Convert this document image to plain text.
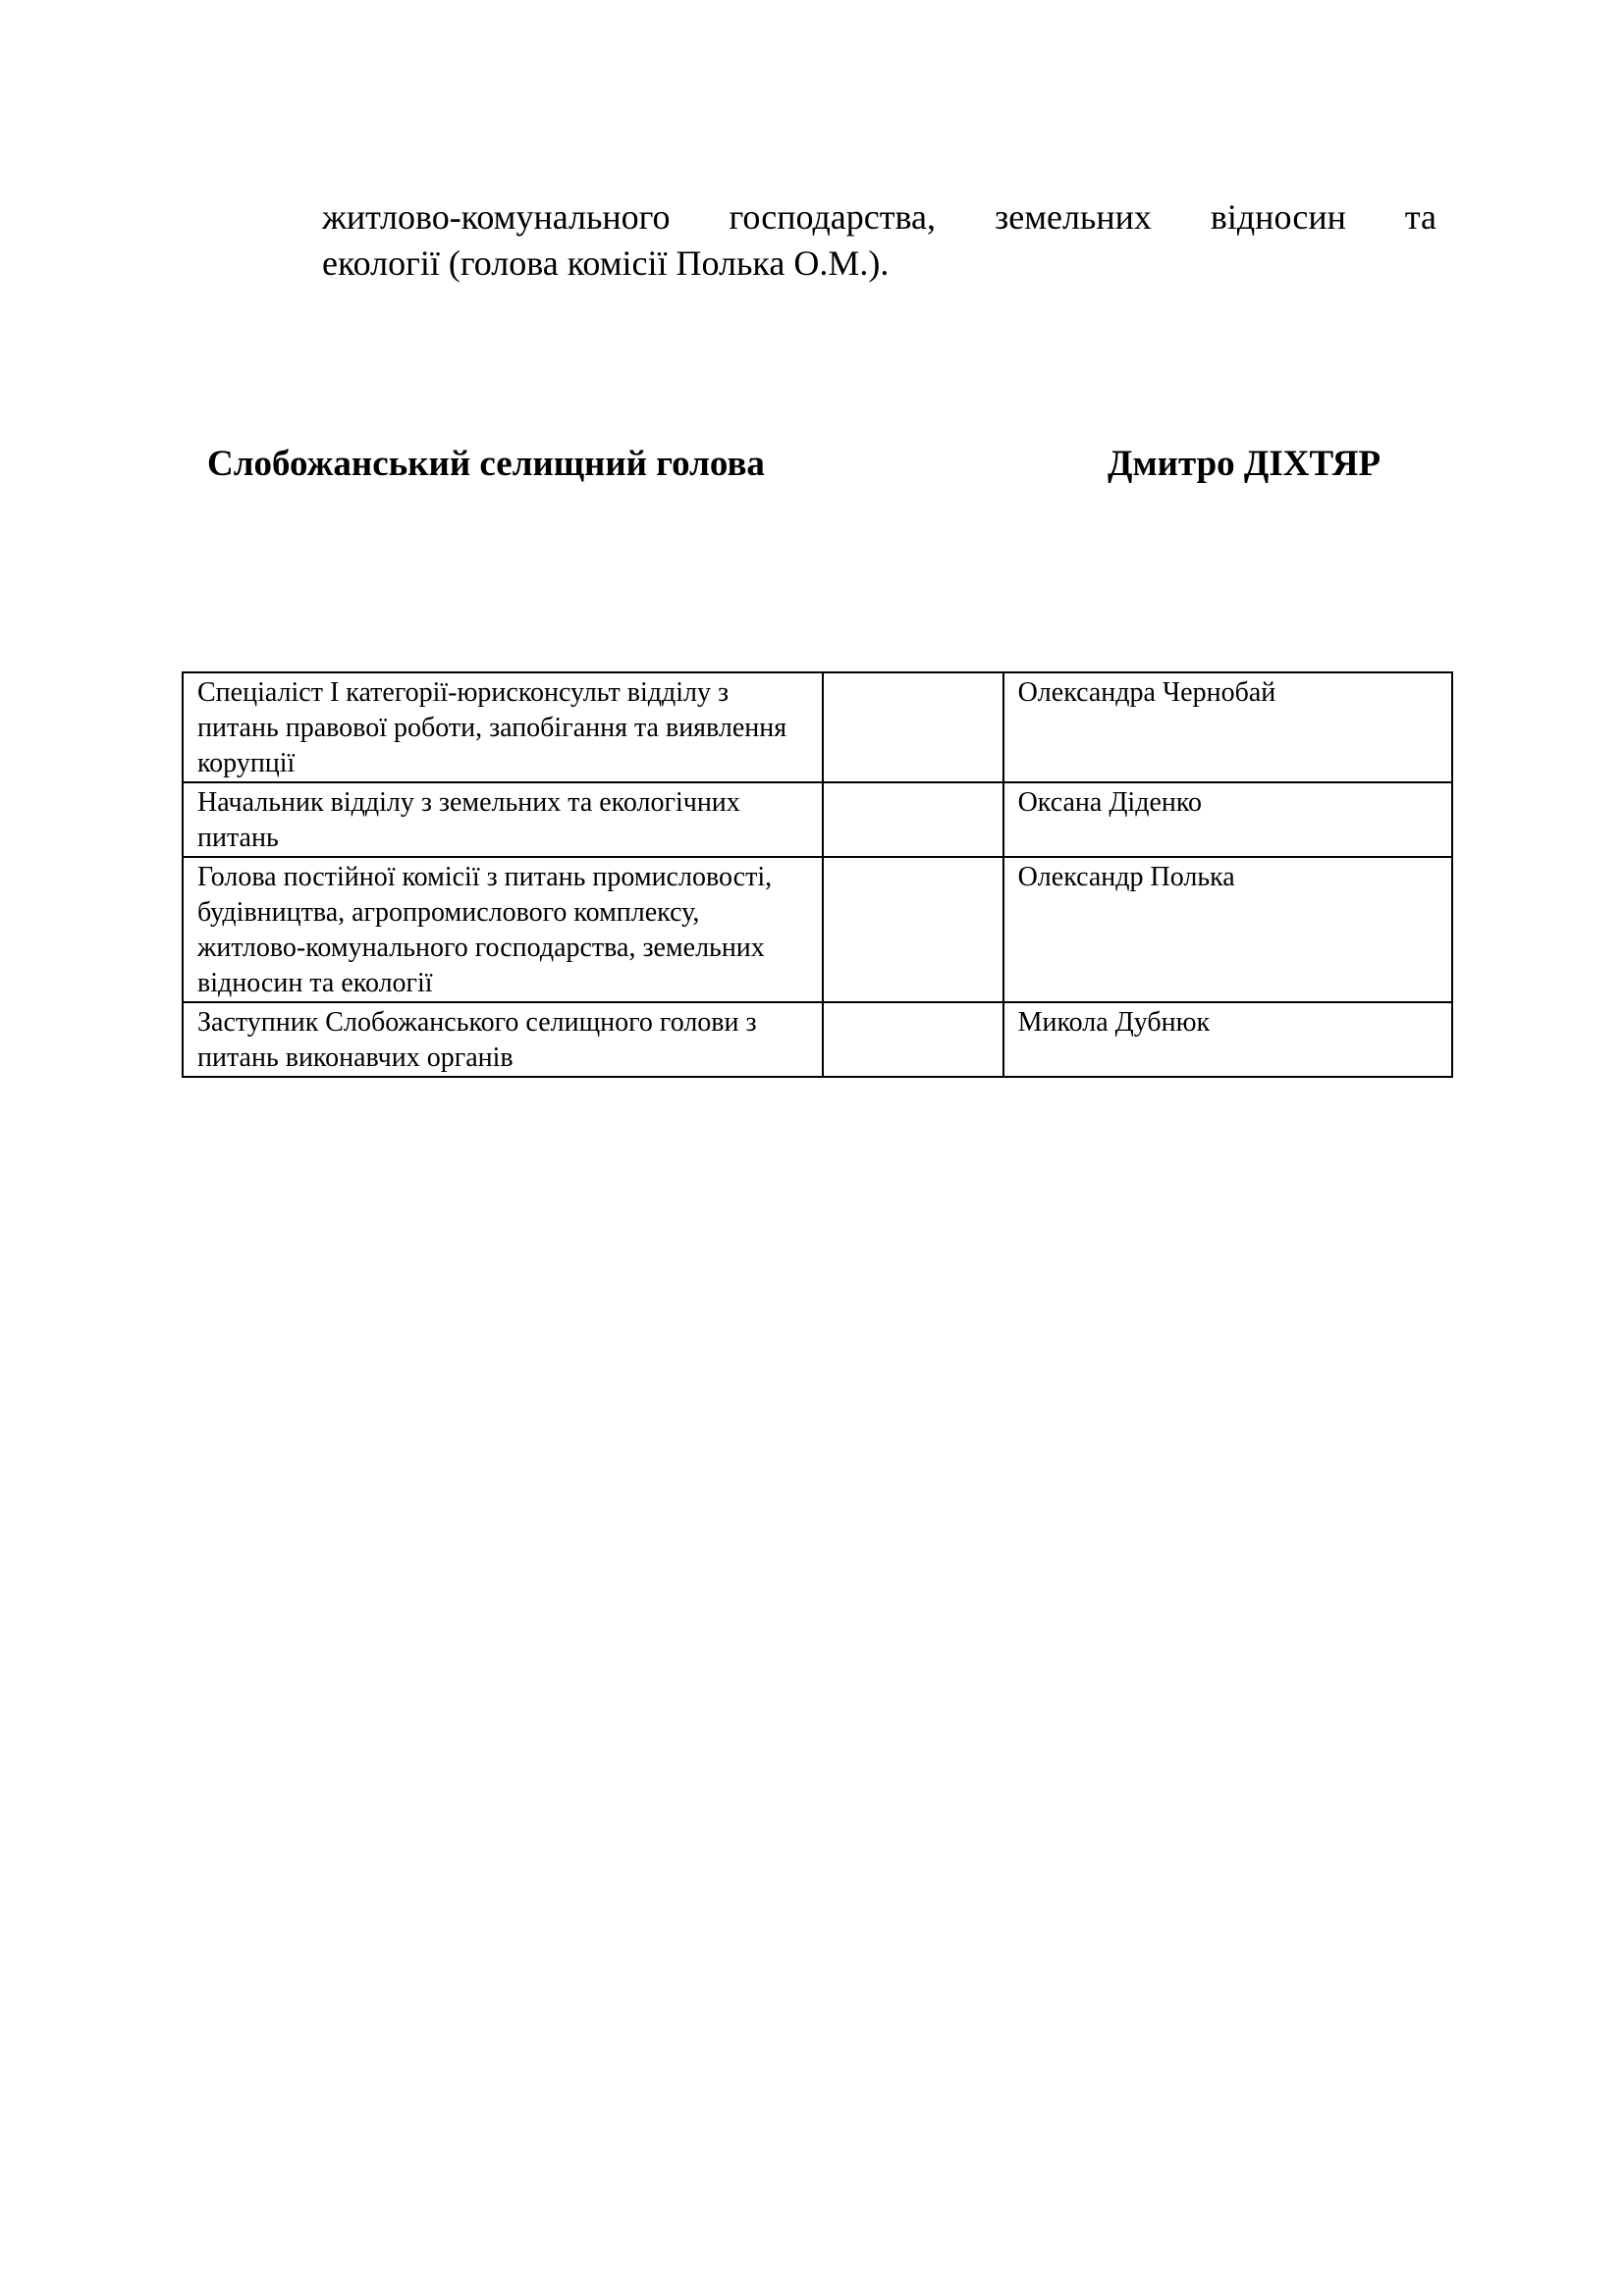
житлово-комунального господарства, земельних відносин та
екології (голова комісії Полька О.М.).
Слобожанський селищний голова	Дмитро ДІХТЯР
Спеціаліст I категорії-юрисконсульт відділу з питань правової роботи, запобігання та виявлення корупції		Олександра Чернобай
Начальник відділу з земельних та екологічних питань		Оксана Діденко
Голова постійної комісії з питань промисловості, будівництва, агропромислового комплексу, житлово-комунального господарства, земельних відносин та екології		Олександр Полька
Заступник Слобожанського селищного голови з питань виконавчих органів		Микола Дубнюк
